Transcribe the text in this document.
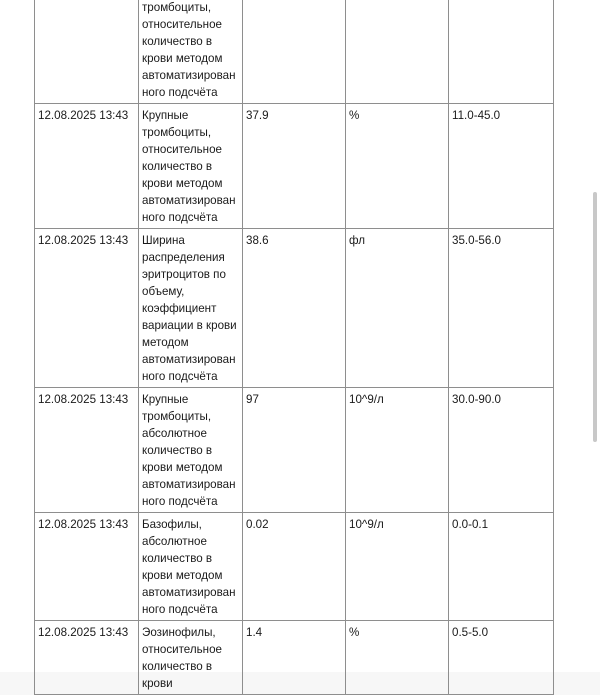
	тромбоциты, относительное количество в крови методом автоматизирован ного подсчёта			
12.08.2025 13:43	Крупные тромбоциты, относительное количество в крови методом автоматизирован ного подсчёта	37.9	%	11.0-45.0
12.08.2025 13:43	Ширина распределения эритроцитов по объему, коэффициент вариации в крови методом автоматизирован ного подсчёта	38.6	фл	35.0-56.0
12.08.2025 13:43	Крупные тромбоциты, абсолютное количество в крови методом автоматизирован ного подсчёта	97	10^9/л	30.0-90.0
12.08.2025 13:43	Базофилы, абсолютное количество в крови методом автоматизирован ного подсчёта	0.02	10^9/л	0.0-0.1
12.08.2025 13:43	Эозинофилы, относительное количество в крови	1.4	%	0.5-5.0
